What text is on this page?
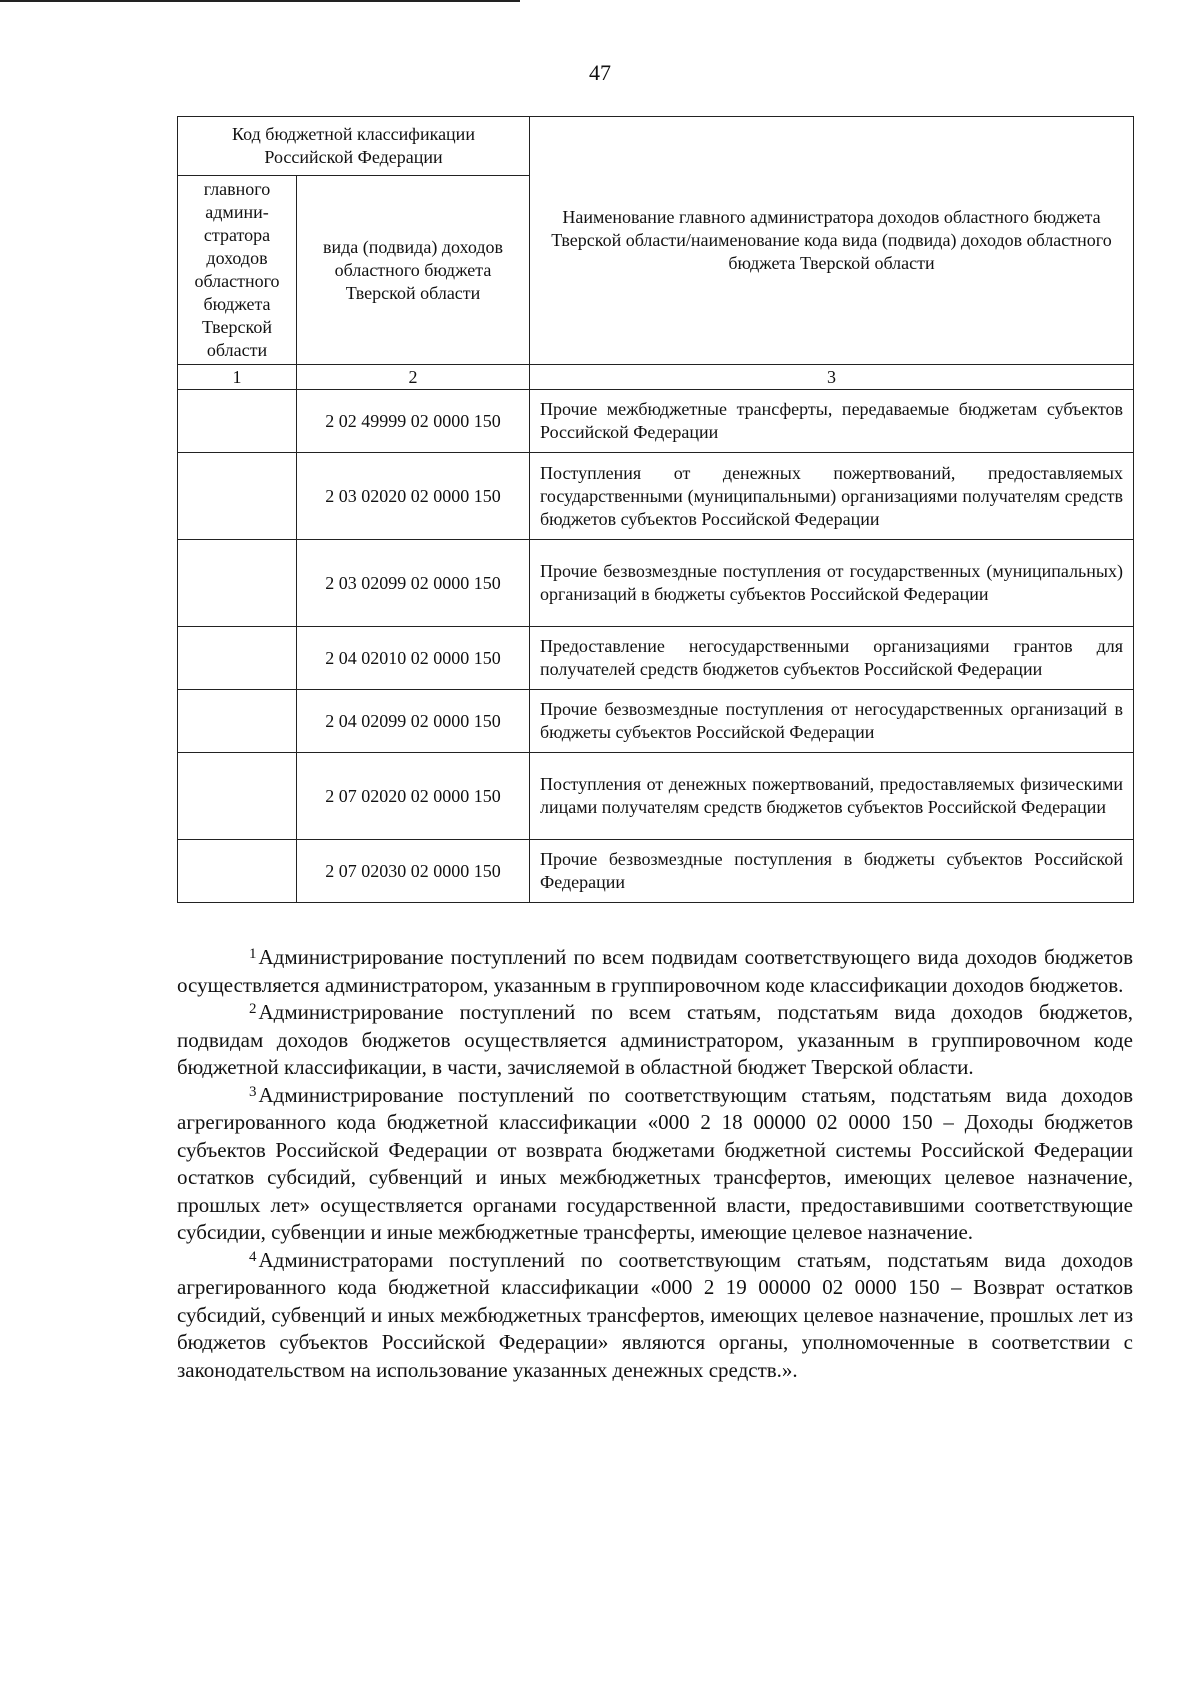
47
Код бюджетной классификации Российской Федерации		Наименование главного администратора доходов областного бюджета Тверской области/наименование кода вида (подвида) доходов областного бюджета Тверской области
главного админи-стратора доходов областного бюджета Тверской области	вида (подвида) доходов областного бюджета Тверской области	
1	2	3
	2 02 49999 02 0000 150	Прочие межбюджетные трансферты, передаваемые бюджетам субъектов Российской Федерации
	2 03 02020 02 0000 150	Поступления от денежных пожертвований, предоставляемых государственными (муниципальными) организациями получателям средств бюджетов субъектов Российской Федерации
	2 03 02099 02 0000 150	Прочие безвозмездные поступления от государственных (муниципальных) организаций в бюджеты субъектов Российской Федерации
	2 04 02010 02 0000 150	Предоставление негосударственными организациями грантов для получателей средств бюджетов субъектов Российской Федерации
	2 04 02099 02 0000 150	Прочие безвозмездные поступления от негосударственных организаций в бюджеты субъектов Российской Федерации
	2 07 02020 02 0000 150	Поступления от денежных пожертвований, предоставляемых физическими лицами получателям средств бюджетов субъектов Российской Федерации
	2 07 02030 02 0000 150	Прочие безвозмездные поступления в бюджеты субъектов Российской Федерации

$^1$Администрирование поступлений по всем подвидам соответствующего вида доходов бюджетов осуществляется администратором, указанным в группировочном коде классификации доходов бюджетов.

$^2$Администрирование поступлений по всем статьям, подстатьям вида доходов бюджетов, подвидам доходов бюджетов осуществляется администратором, указанным в группировочном коде бюджетной классификации, в части, зачисляемой в областной бюджет Тверской области.

$^3$Администрирование поступлений по соответствующим статьям, подстатьям вида доходов агрегированного кода бюджетной классификации «000 2 18 00000 02 0000 150 – Доходы бюджетов субъектов Российской Федерации от возврата бюджетами бюджетной системы Российской Федерации остатков субсидий, субвенций и иных межбюджетных трансфертов, имеющих целевое назначение, прошлых лет» осуществляется органами государственной власти, предоставившими соответствующие субсидии, субвенции и иные межбюджетные трансферты, имеющие целевое назначение.

$^4$Администраторами поступлений по соответствующим статьям, подстатьям вида доходов агрегированного кода бюджетной классификации «000 2 19 00000 02 0000 150 – Возврат остатков субсидий, субвенций и иных межбюджетных трансфертов, имеющих целевое назначение, прошлых лет из бюджетов субъектов Российской Федерации» являются органы, уполномоченные в соответствии с законодательством на использование указанных денежных средств.».
